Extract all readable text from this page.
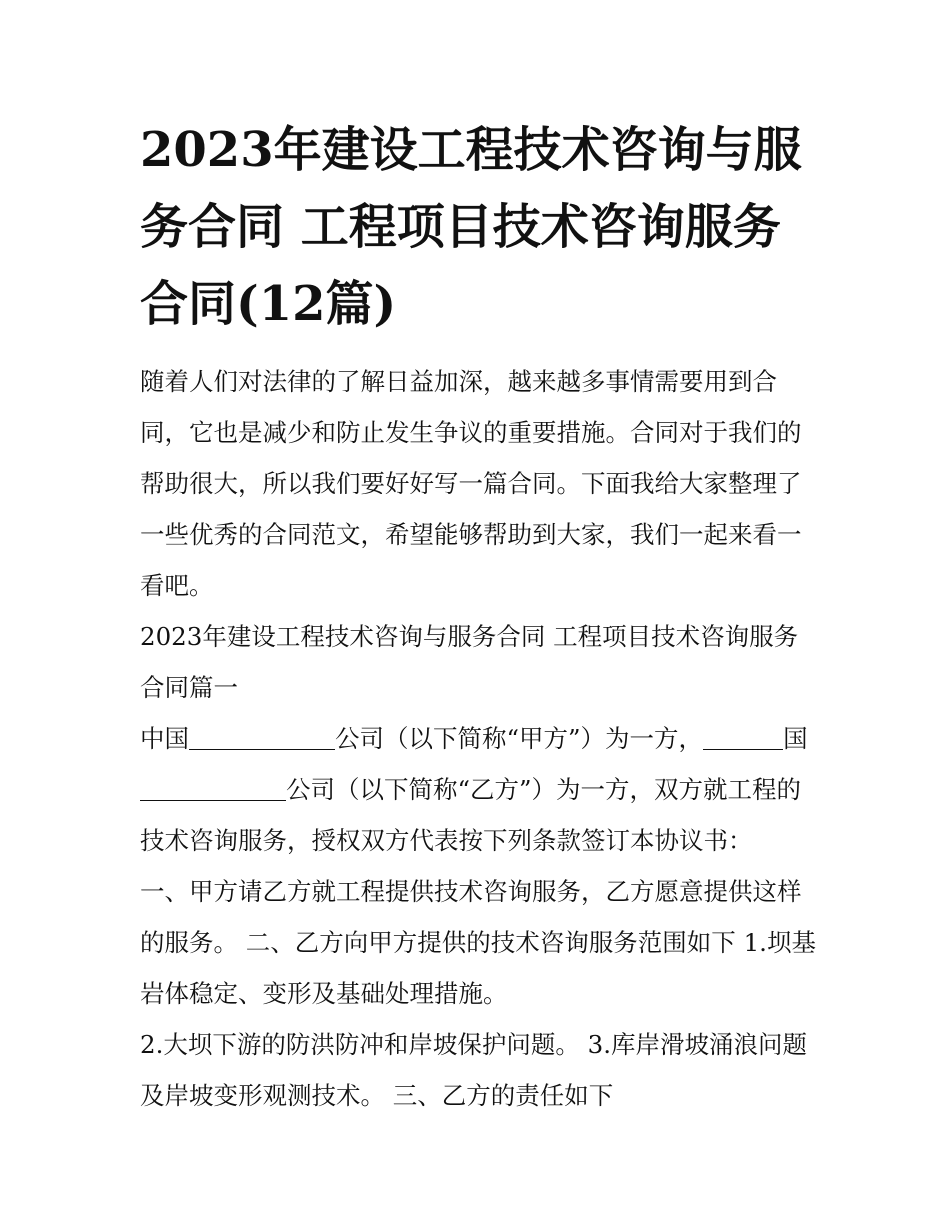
2023年建设工程技术咨询与服务合同 工程项目技术咨询服务合同(12篇)

随着人们对法律的了解日益加深，越来越多事情需要用到合同，它也是减少和防止发生争议的重要措施。合同对于我们的帮助很大，所以我们要好好写一篇合同。下面我给大家整理了一些优秀的合同范文，希望能够帮助到大家，我们一起来看一看吧。

2023年建设工程技术咨询与服务合同 工程项目技术咨询服务合同篇一

中国	公司（以下简称“甲方”）为一方，	国公司（以下简称“乙方”）为一方，双方就工程的技术咨询服务，授权双方代表按下列条款签订本协议书：

一、甲方请乙方就工程提供技术咨询服务，乙方愿意提供这样的服务。 二、乙方向甲方提供的技术咨询服务范围如下 1.坝基岩体稳定、变形及基础处理措施。

2.大坝下游的防洪防冲和岸坡保护问题。 3.库岸滑坡涌浪问题及岸坡变形观测技术。 三、乙方的责任如下
